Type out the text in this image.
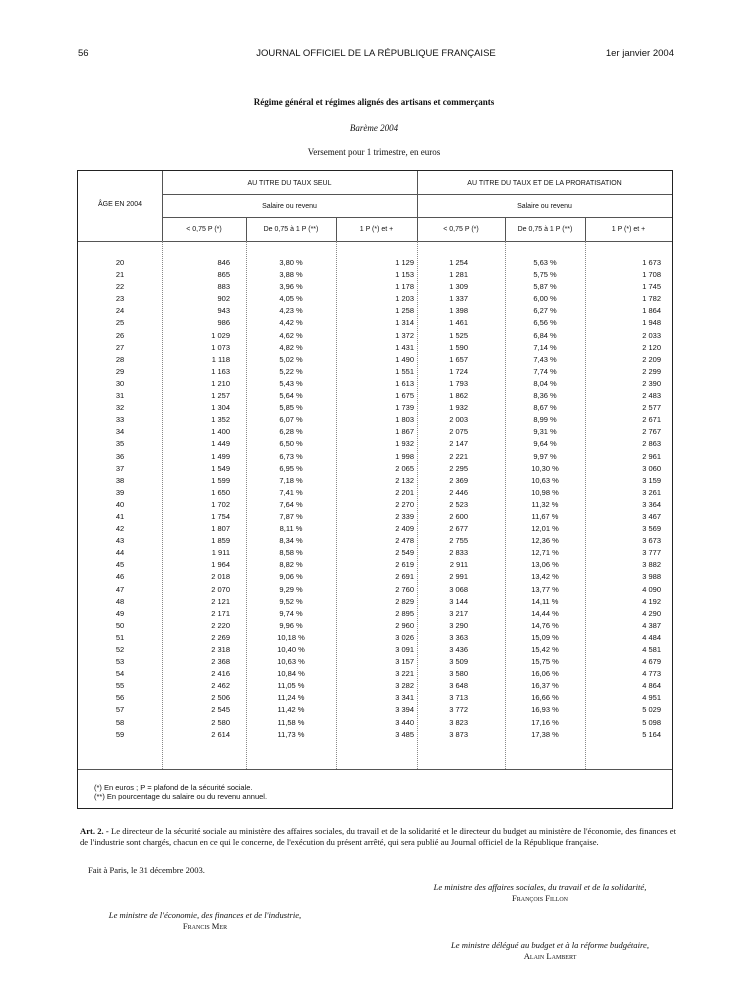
56	JOURNAL OFFICIEL DE LA RÉPUBLIQUE FRANÇAISE	1er janvier 2004
Régime général et régimes alignés des artisans et commerçants
Barème 2004
Versement pour 1 trimestre, en euros
ÂGE EN 2004
AU TITRE DU TAUX SEUL	AU TITRE DU TAUX ET DE LA PRORATISATION
Salaire ou revenu	Salaire ou revenu
< 0,75 P (*)	De 0,75 à 1 P (**)	1 P (*) et +	< 0,75 P (*)	De 0,75 à 1 P (**)	1 P (*) et +
20	846	3,80 %	1 129	1 254	5,63 %	1 673
21	865	3,88 %	1 153	1 281	5,75 %	1 708
22	883	3,96 %	1 178	1 309	5,87 %	1 745
23	902	4,05 %	1 203	1 337	6,00 %	1 782
24	943	4,23 %	1 258	1 398	6,27 %	1 864
25	986	4,42 %	1 314	1 461	6,56 %	1 948
26	1 029	4,62 %	1 372	1 525	6,84 %	2 033
27	1 073	4,82 %	1 431	1 590	7,14 %	2 120
28	1 118	5,02 %	1 490	1 657	7,43 %	2 209
29	1 163	5,22 %	1 551	1 724	7,74 %	2 299
30	1 210	5,43 %	1 613	1 793	8,04 %	2 390
31	1 257	5,64 %	1 675	1 862	8,36 %	2 483
32	1 304	5,85 %	1 739	1 932	8,67 %	2 577
33	1 352	6,07 %	1 803	2 003	8,99 %	2 671
34	1 400	6,28 %	1 867	2 075	9,31 %	2 767
35	1 449	6,50 %	1 932	2 147	9,64 %	2 863
36	1 499	6,73 %	1 998	2 221	9,97 %	2 961
37	1 549	6,95 %	2 065	2 295	10,30 %	3 060
38	1 599	7,18 %	2 132	2 369	10,63 %	3 159
39	1 650	7,41 %	2 201	2 446	10,98 %	3 261
40	1 702	7,64 %	2 270	2 523	11,32 %	3 364
41	1 754	7,87 %	2 339	2 600	11,67 %	3 467
42	1 807	8,11 %	2 409	2 677	12,01 %	3 569
43	1 859	8,34 %	2 478	2 755	12,36 %	3 673
44	1 911	8,58 %	2 549	2 833	12,71 %	3 777
45	1 964	8,82 %	2 619	2 911	13,06 %	3 882
46	2 018	9,06 %	2 691	2 991	13,42 %	3 988
47	2 070	9,29 %	2 760	3 068	13,77 %	4 090
48	2 121	9,52 %	2 829	3 144	14,11 %	4 192
49	2 171	9,74 %	2 895	3 217	14,44 %	4 290
50	2 220	9,96 %	2 960	3 290	14,76 %	4 387
51	2 269	10,18 %	3 026	3 363	15,09 %	4 484
52	2 318	10,40 %	3 091	3 436	15,42 %	4 581
53	2 368	10,63 %	3 157	3 509	15,75 %	4 679
54	2 416	10,84 %	3 221	3 580	16,06 %	4 773
55	2 462	11,05 %	3 282	3 648	16,37 %	4 864
56	2 506	11,24 %	3 341	3 713	16,66 %	4 951
57	2 545	11,42 %	3 394	3 772	16,93 %	5 029
58	2 580	11,58 %	3 440	3 823	17,16 %	5 098
59	2 614	11,73 %	3 485	3 873	17,38 %	5 164
(*) En euros ; P = plafond de la sécurité sociale.
(**) En pourcentage du salaire ou du revenu annuel.
Art. 2. - Le directeur de la sécurité sociale au ministère des affaires sociales, du travail et de la solidarité et le directeur du budget au ministère de l'économie, des finances et de l'industrie sont chargés, chacun en ce qui le concerne, de l'exécution du présent arrêté, qui sera publié au Journal officiel de la République française.
Fait à Paris, le 31 décembre 2003.
Le ministre des affaires sociales, du travail et de la solidarité,
François Fillon
Le ministre de l'économie, des finances et de l'industrie,
Francis Mer
Le ministre délégué au budget et à la réforme budgétaire,
Alain Lambert
